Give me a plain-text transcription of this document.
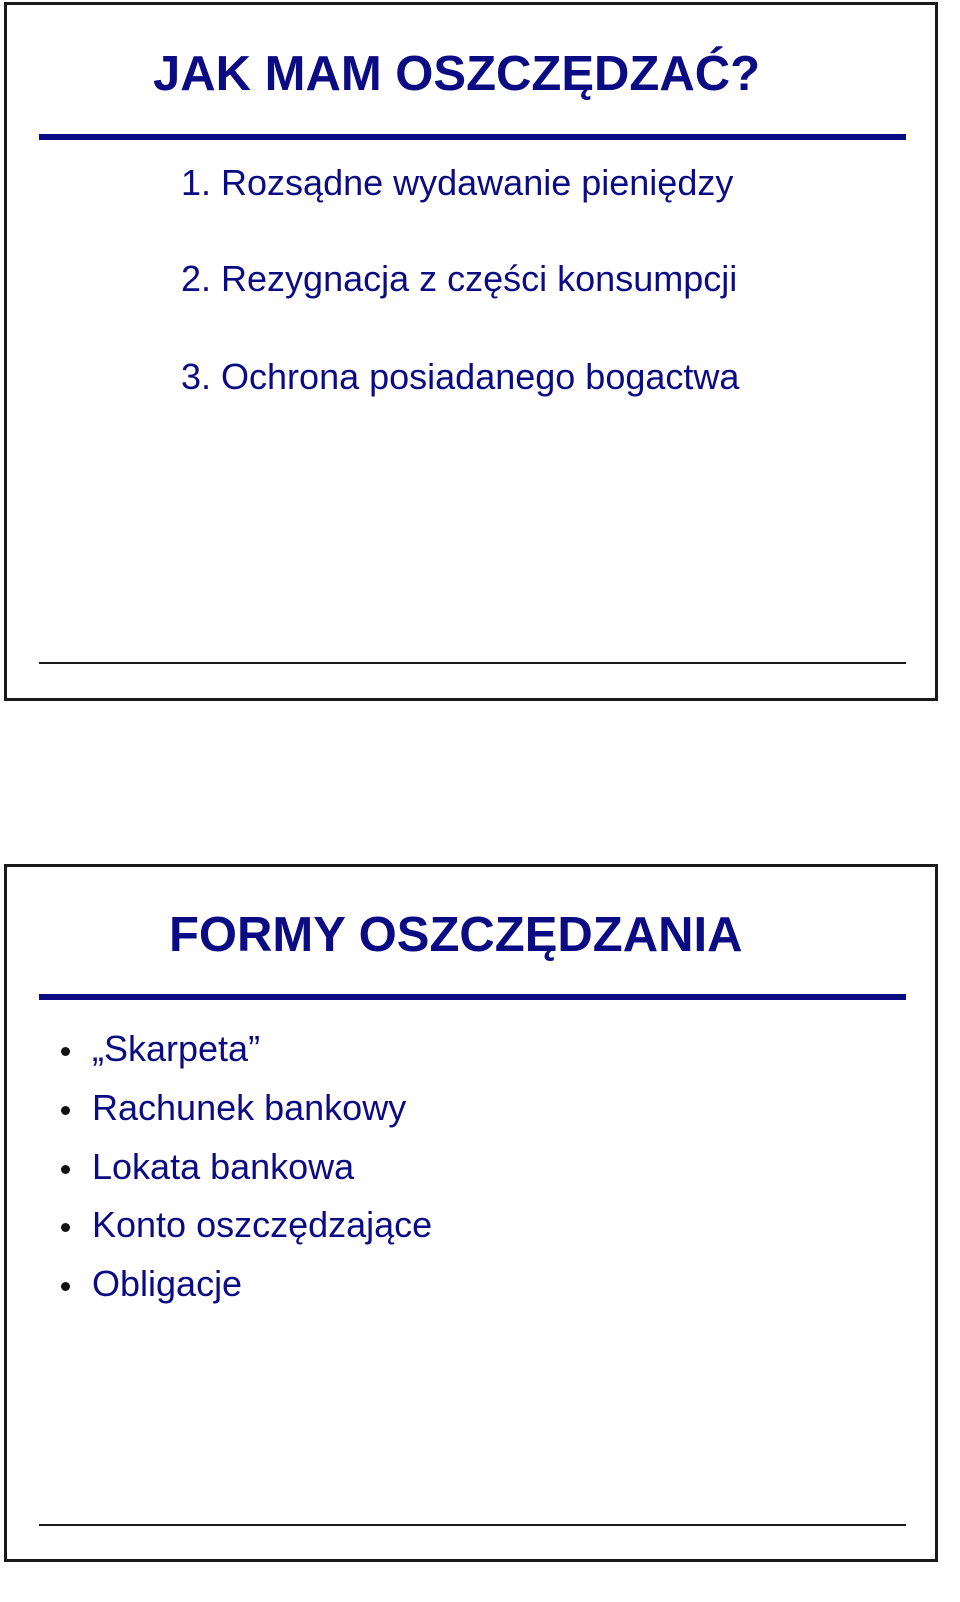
JAK MAM OSZCZĘDZAĆ?
1. Rozsądne wydawanie pieniędzy
2. Rezygnacja z części konsumpcji
3. Ochrona posiadanego bogactwa
FORMY OSZCZĘDZANIA
„Skarpeta”
Rachunek bankowy
Lokata bankowa
Konto oszczędzające
Obligacje
